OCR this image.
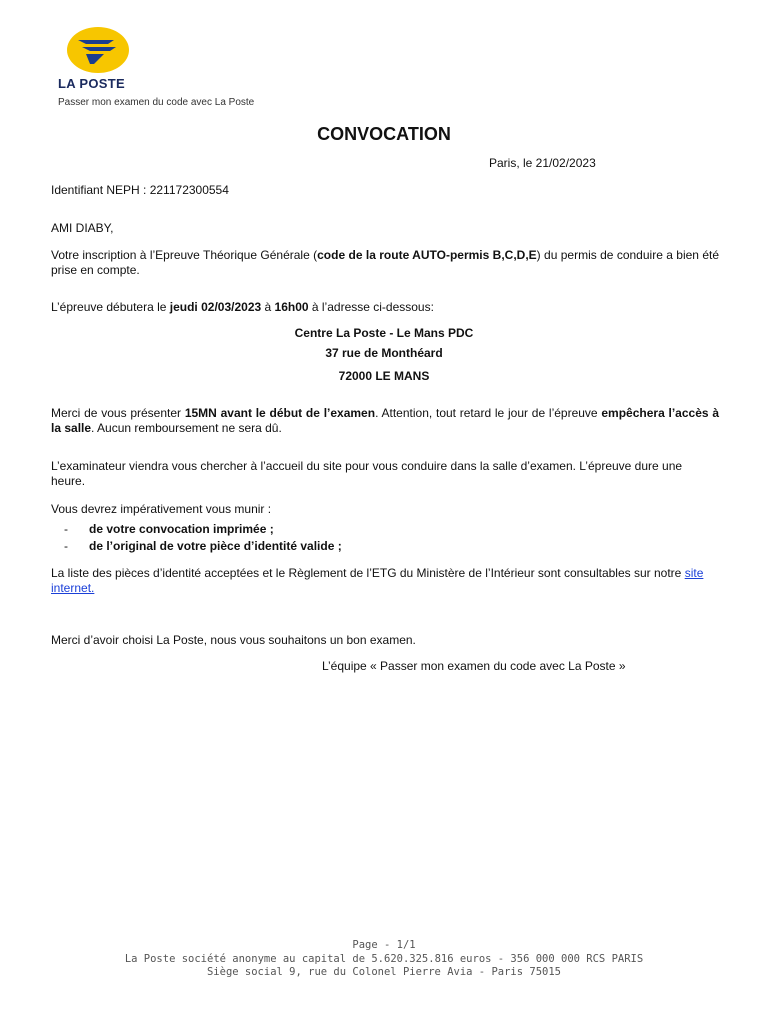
LA POSTE
Passer mon examen du code avec La Poste
CONVOCATION
Paris, le 21/02/2023
Identifiant NEPH : 221172300554
AMI DIABY,
Votre inscription à l’Epreuve Théorique Générale (code de la route AUTO-permis B,C,D,E) du permis de conduire a bien été prise en compte.
L’épreuve débutera le jeudi 02/03/2023 à 16h00 à l’adresse ci-dessous:
Centre La Poste - Le Mans PDC
37 rue de Monthéard
72000 LE MANS
Merci de vous présenter 15MN avant le début de l’examen. Attention, tout retard le jour de l’épreuve empêchera l’accès à la salle. Aucun remboursement ne sera dû.
L’examinateur viendra vous chercher à l’accueil du site pour vous conduire dans la salle d’examen. L’épreuve dure une heure.
Vous devrez impérativement vous munir :
- de votre convocation imprimée ;
- de l’original de votre pièce d’identité valide ;
La liste des pièces d’identité acceptées et le Règlement de l’ETG du Ministère de l’Intérieur sont consultables sur notre site internet.
Merci d’avoir choisi La Poste, nous vous souhaitons un bon examen.
L’équipe « Passer mon examen du code avec La Poste »
Page - 1/1
La Poste société anonyme au capital de 5.620.325.816 euros - 356 000 000 RCS PARIS
Siège social 9, rue du Colonel Pierre Avia - Paris 75015
